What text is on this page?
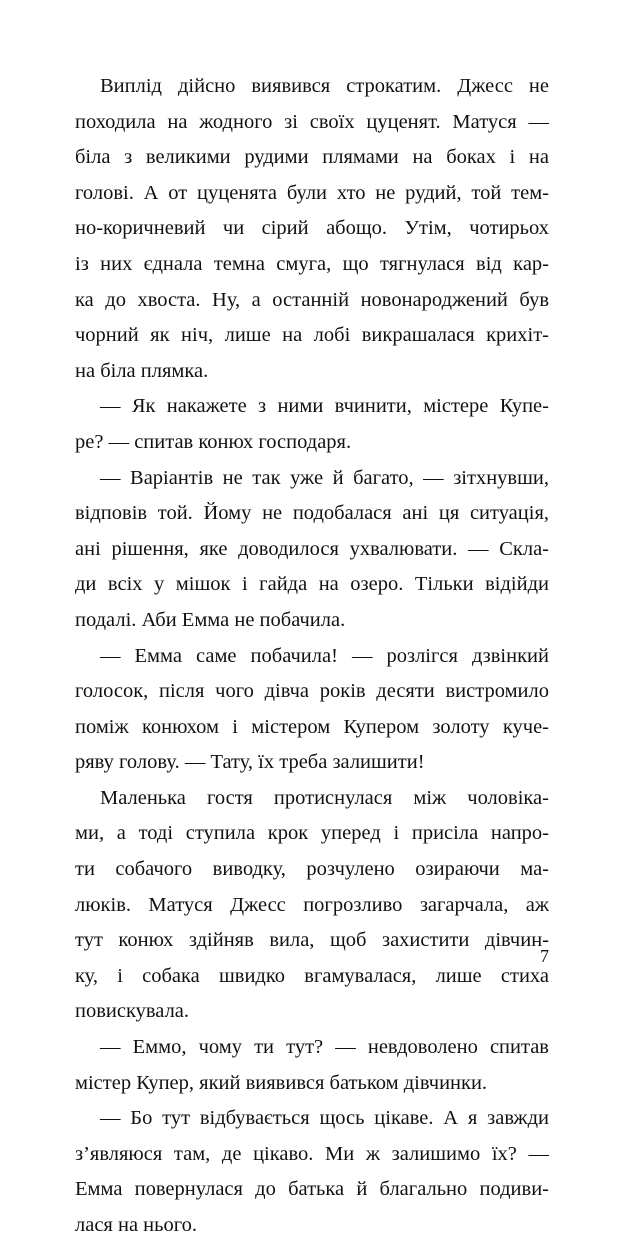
Виплід дійсно виявився строкатим. Джесс не
походила на жодного зі своїх цуценят. Матуся —
біла з великими рудими плямами на боках і на
голові. А от цуценята були хто не рудий, той тем-
но-коричневий чи сірий абощо. Утім, чотирьох
із них єднала темна смуга, що тягнулася від кар-
ка до хвоста. Ну, а останній новонароджений був
чорний як ніч, лише на лобі викрашалася крихіт-
на біла плямка.
— Як накажете з ними вчинити, містере Купе-
ре? — спитав конюх господаря.
— Варіантів не так уже й багато, — зітхнувши,
відповів той. Йому не подобалася ані ця ситуація,
ані рішення, яке доводилося ухвалювати. — Скла-
ди всіх у мішок і гайда на озеро. Тільки відійди
подалі. Аби Емма не побачила.
— Емма саме побачила! — розлігся дзвінкий
голосок, після чого дівча років десяти вистромило
поміж конюхом і містером Купером золоту куче-
ряву голову. — Тату, їх треба залишити!
Маленька гостя протиснулася між чоловіка-
ми, а тоді ступила крок уперед і присіла напро-
ти собачого виводку, розчулено озираючи ма-
люків. Матуся Джесс погрозливо загарчала, аж
тут конюх здійняв вила, щоб захистити дівчин-
ку, і собака швидко вгамувалася, лише стиха
повискувала.
— Еммо, чому ти тут? — невдоволено спитав
містер Купер, який виявився батьком дівчинки.
— Бо тут відбувається щось цікаве. А я завжди
з’являюся там, де цікаво. Ми ж залишимо їх? —
Емма повернулася до батька й благально подиви-
лася на нього.
7
